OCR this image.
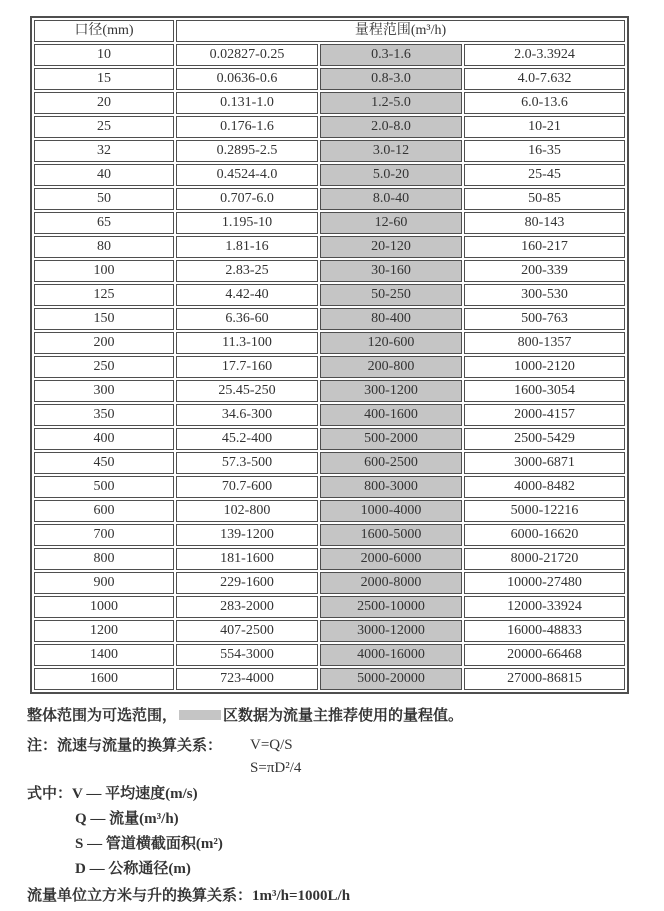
口径(mm)	量程范围(m³/h)		
10	0.02827-0.25	0.3-1.6	2.0-3.3924
15	0.0636-0.6	0.8-3.0	4.0-7.632
20	0.131-1.0	1.2-5.0	6.0-13.6
25	0.176-1.6	2.0-8.0	10-21
32	0.2895-2.5	3.0-12	16-35
40	0.4524-4.0	5.0-20	25-45
50	0.707-6.0	8.0-40	50-85
65	1.195-10	12-60	80-143
80	1.81-16	20-120	160-217
100	2.83-25	30-160	200-339
125	4.42-40	50-250	300-530
150	6.36-60	80-400	500-763
200	11.3-100	120-600	800-1357
250	17.7-160	200-800	1000-2120
300	25.45-250	300-1200	1600-3054
350	34.6-300	400-1600	2000-4157
400	45.2-400	500-2000	2500-5429
450	57.3-500	600-2500	3000-6871
500	70.7-600	800-3000	4000-8482
600	102-800	1000-4000	5000-12216
700	139-1200	1600-5000	6000-16620
800	181-1600	2000-6000	8000-21720
900	229-1600	2000-8000	10000-27480
1000	283-2000	2500-10000	12000-33924
1200	407-2500	3000-12000	16000-48833
1400	554-3000	4000-16000	20000-66468
1600	723-4000	5000-20000	27000-86815
整体范围为可选范围，	区数据为流量主推荐使用的量程值。
注：流速与流量的换算关系： V=Q/S
S=πD²/4
式中：V — 平均速度(m/s)
Q — 流量(m³/h)
S — 管道横截面积(m²)
D — 公称通径(m)
流量单位立方米与升的换算关系：1m³/h=1000L/h
